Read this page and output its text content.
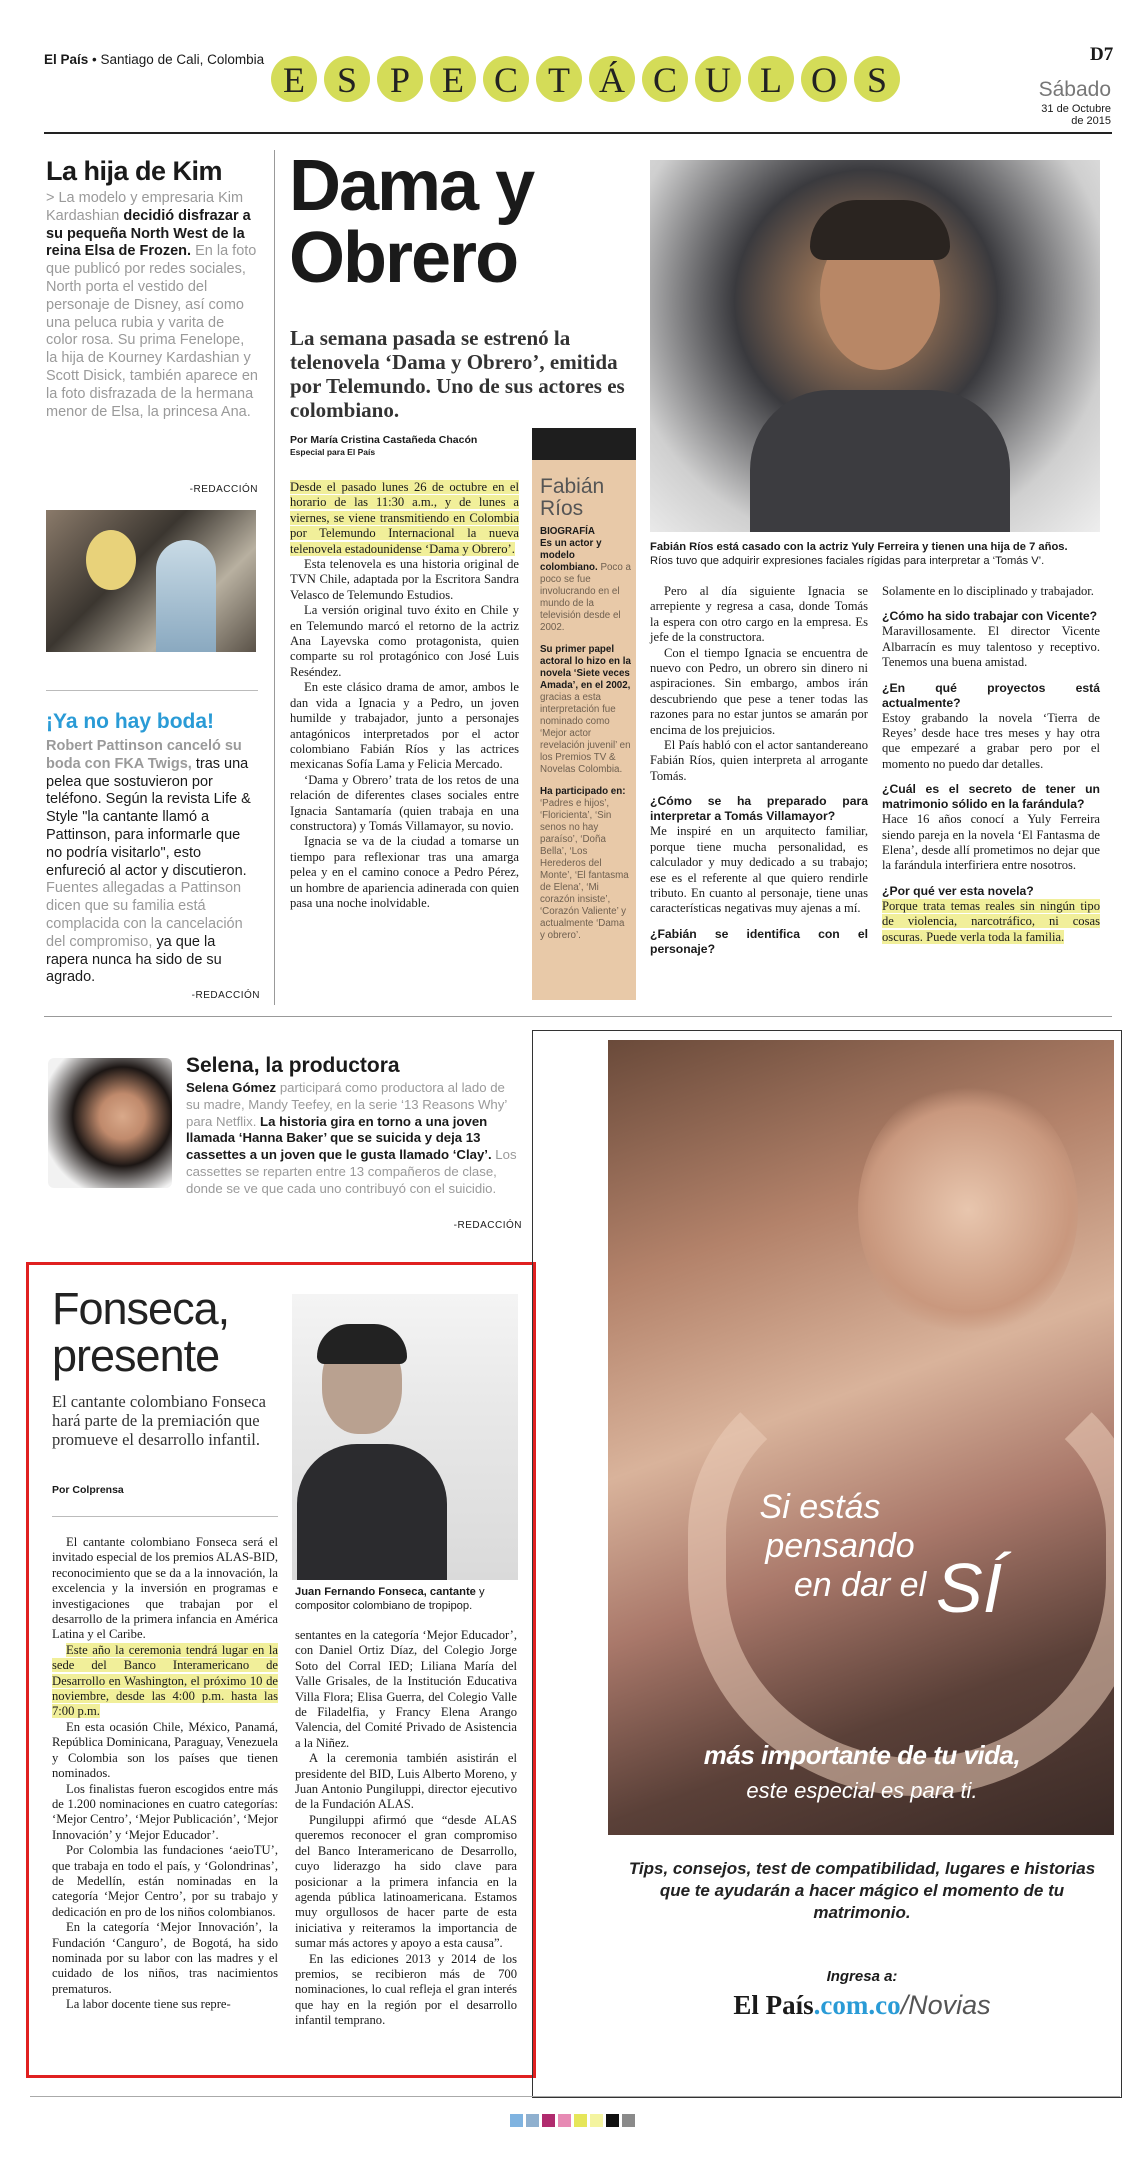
El País • Santiago de Cali, Colombia
E S P E C T Á C U L O S
D7
Sábado
31 de Octubre
de 2015
La hija de Kim
> La modelo y empresaria Kim Kardashian decidió disfrazar a su pequeña North West de la reina Elsa de Frozen. En la foto que publicó por redes sociales, North porta el vestido del personaje de Disney, así como una peluca rubia y varita de color rosa. Su prima Fenelope, la hija de Kourney Kardashian y Scott Disick, también aparece en la foto disfrazada de la hermana menor de Elsa, la princesa Ana.
-REDACCIÓN
¡Ya no hay boda!
Robert Pattinson canceló su boda con FKA Twigs, tras una pelea que sostuvieron por teléfono. Según la revista Life & Style "la cantante llamó a Pattinson, para informarle que no podría visitarlo", esto enfureció al actor y discutieron. Fuentes allegadas a Pattinson dicen que su familia está complacida con la cancelación del compromiso, ya que la rapera nunca ha sido de su agrado.
-REDACCIÓN
Dama y
Obrero
La semana pasada se estrenó la telenovela ‘Dama y Obrero’, emitida por Telemundo. Uno de sus actores es colombiano.
Por María Cristina Castañeda Chacón
Especial para El País

Desde el pasado lunes 26 de octubre en el horario de las 11:30 a.m., y de lunes a viernes, se viene transmitiendo en Colombia por Telemundo Internacional la nueva telenovela estadounidense ‘Dama y Obrero’.

Esta telenovela es una historia original de TVN Chile, adaptada por la Escritora Sandra Velasco de Telemundo Estudios.

La versión original tuvo éxito en Chile y en Telemundo marcó el retorno de la actriz Ana Layevska como protagonista, quien comparte su rol protagónico con José Luis Reséndez.

En este clásico drama de amor, ambos le dan vida a Ignacia y a Pedro, un joven humilde y trabajador, junto a personajes antagónicos interpretados por el actor colombiano Fabián Ríos y las actrices mexicanas Sofía Lama y Felicia Mercado.

‘Dama y Obrero’ trata de los retos de una relación de diferentes clases sociales entre Ignacia Santamaría (quien trabaja en una constructora) y Tomás Villamayor, su novio.

Ignacia se va de la ciudad a tomarse un tiempo para reflexionar tras una amarga pelea y en el camino conoce a Pedro Pérez, un hombre de apariencia adinerada con quien pasa una noche inolvidable.

Fabián
Ríos
BIOGRAFÍA
Es un actor y modelo colombiano. Poco a poco se fue involucrando en el mundo de la televisión desde el 2002.
Su primer papel actoral lo hizo en la novela ‘Siete veces Amada’, en el 2002, gracias a esta interpretación fue nominado como ‘Mejor actor revelación juvenil’ en los Premios TV & Novelas Colombia.
Ha participado en: ‘Padres e hijos’, ‘Floricienta’, ‘Sin senos no hay paraíso’, ‘Doña Bella’, ‘Los Herederos del Monte’, ‘El fantasma de Elena’, ‘Mi corazón insiste’, ‘Corazón Valiente’ y actualmente ‘Dama y obrero’.
Fabián Ríos está casado con la actriz Yuly Ferreira y tienen una hija de 7 años.
Ríos tuvo que adquirir expresiones faciales rígidas para interpretar a ‘Tomás V’.

Pero al día siguiente Ignacia se arrepiente y regresa a casa, donde Tomás la espera con otro cargo en la empresa. Es jefe de la constructora.

Con el tiempo Ignacia se encuentra de nuevo con Pedro, un obrero sin dinero ni aspiraciones. Sin embargo, ambos irán descubriendo que pese a tener todas las razones para no estar juntos se amarán por encima de los prejuicios.

El País habló con el actor santandereano Fabián Ríos, quien interpreta al arrogante Tomás.

¿Cómo se ha preparado para interpretar a Tomás Villamayor?

Me inspiré en un arquitecto familiar, porque tiene mucha personalidad, es calculador y muy dedicado a su trabajo; ese es el referente al que quiero rendirle tributo. En cuanto al personaje, tiene unas características negativas muy ajenas a mí.

¿Fabián se identifica con el personaje?

Solamente en lo disciplinado y trabajador.

¿Cómo ha sido trabajar con Vicente?

Maravillosamente. El director Vicente Albarracín es muy talentoso y receptivo. Tenemos una buena amistad.

¿En qué proyectos está actualmente?

Estoy grabando la novela ‘Tierra de Reyes’ desde hace tres meses y hay otra que empezaré a grabar pero por el momento no puedo dar detalles.

¿Cuál es el secreto de tener un matrimonio sólido en la farándula?

Hace 16 años conocí a Yuly Ferreira siendo pareja en la novela ‘El Fantasma de Elena’, desde allí prometimos no dejar que la farándula interfiriera entre nosotros.

¿Por qué ver esta novela?

Porque trata temas reales sin ningún tipo de violencia, narcotráfico, ni cosas oscuras. Puede verla toda la familia.

Selena, la productora
Selena Gómez participará como productora al lado de su madre, Mandy Teefey, en la serie ‘13 Reasons Why’ para Netflix. La historia gira en torno a una joven llamada ‘Hanna Baker’ que se suicida y deja 13 cassettes a un joven que le gusta llamado ‘Clay’. Los cassettes se reparten entre 13 compañeros de clase, donde se ve que cada uno contribuyó con el suicidio.
-REDACCIÓN
Fonseca,
presente
El cantante colombiano Fonseca hará parte de la premiación que promueve el desarrollo infantil.
Por Colprensa
Juan Fernando Fonseca, cantante y compositor colombiano de tropipop.

El cantante colombiano Fonseca será el invitado especial de los premios ALAS-BID, reconocimiento que se da a la innovación, la excelencia y la inversión en programas e investigaciones que trabajan por el desarrollo de la primera infancia en América Latina y el Caribe.

Este año la ceremonia tendrá lugar en la sede del Banco Interamericano de Desarrollo en Washington, el próximo 10 de noviembre, desde las 4:00 p.m. hasta las 7:00 p.m.

En esta ocasión Chile, México, Panamá, República Dominicana, Paraguay, Venezuela y Colombia son los países que tienen nominados.

Los finalistas fueron escogidos entre más de 1.200 nominaciones en cuatro categorías: ‘Mejor Centro’, ‘Mejor Publicación’, ‘Mejor Innovación’ y ‘Mejor Educador’.

Por Colombia las fundaciones ‘aeioTU’, que trabaja en todo el país, y ‘Golondrinas’, de Medellín, están nominadas en la categoría ‘Mejor Centro’, por su trabajo y dedicación en pro de los niños colombianos.

En la categoría ‘Mejor Innovación’, la Fundación ‘Canguro’, de Bogotá, ha sido nominada por su labor con las madres y el cuidado de los niños, tras nacimientos prematuros.

La labor docente tiene sus repre-

sentantes en la categoría ‘Mejor Educador’, con Daniel Ortiz Díaz, del Colegio Jorge Soto del Corral IED; Liliana María del Valle Grisales, de la Institución Educativa Villa Flora; Elisa Guerra, del Colegio Valle de Filadelfia, y Francy Elena Arango Valencia, del Comité Privado de Asistencia a la Niñez.

A la ceremonia también asistirán el presidente del BID, Luis Alberto Moreno, y Juan Antonio Pungiluppi, director ejecutivo de la Fundación ALAS.

Pungiluppi afirmó que “desde ALAS queremos reconocer el gran compromiso del Banco Interamericano de Desarrollo, cuyo liderazgo ha sido clave para posicionar a la primera infancia en la agenda pública latinoamericana. Estamos muy orgullosos de hacer parte de esta iniciativa y reiteramos la importancia de sumar más actores y apoyo a esta causa”.

En las ediciones 2013 y 2014 de los premios, se recibieron más de 700 nominaciones, lo cual refleja el gran interés que hay en la región por el desarrollo infantil temprano.

Si estás
pensando
en dar el SÍ
más importante de tu vida,
este especial es para ti.
Tips, consejos, test de compatibilidad, lugares e historias que te ayudarán a hacer mágico el momento de tu matrimonio.
Ingresa a:
El País.com.co/Novias
